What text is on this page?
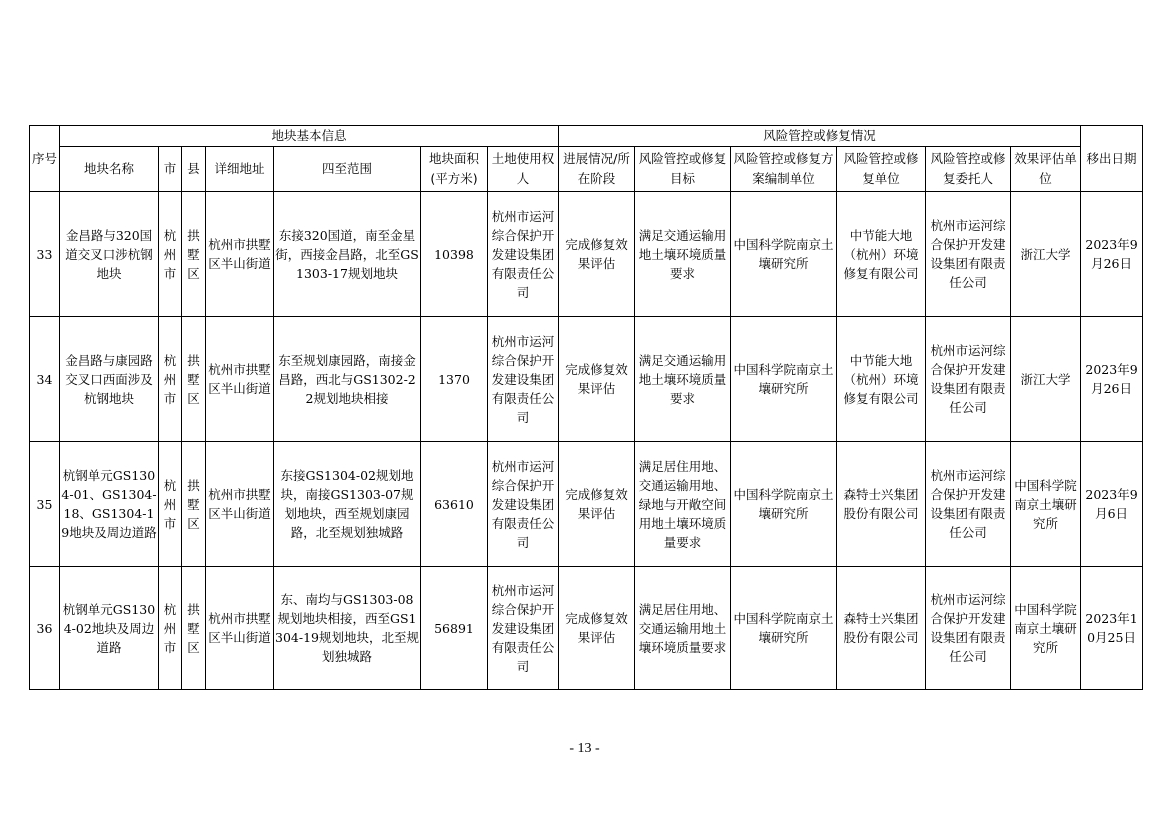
序号	地块基本信息							风险管控或修复情况						移出日期
	地块名称	市	县	详细地址	四至范围	地块面积(平方米)	土地使用权人	进展情况/所在阶段	风险管控或修复目标	风险管控或修复方案编制单位	风险管控或修复单位	风险管控或修复委托人	效果评估单位	
33	金昌路与320国道交叉口涉杭钢地块	杭州市	拱墅区	杭州市拱墅区半山街道	东接320国道，南至金星街，西接金昌路，北至GS1303-17规划地块	10398	杭州市运河综合保护开发建设集团有限责任公司	完成修复效果评估	满足交通运输用地土壤环境质量要求	中国科学院南京土壤研究所	中节能大地（杭州）环境修复有限公司	杭州市运河综合保护开发建设集团有限责任公司	浙江大学	2023年9月26日
34	金昌路与康园路交叉口西面涉及杭钢地块	杭州市	拱墅区	杭州市拱墅区半山街道	东至规划康园路，南接金昌路，西北与GS1302-22规划地块相接	1370	杭州市运河综合保护开发建设集团有限责任公司	完成修复效果评估	满足交通运输用地土壤环境质量要求	中国科学院南京土壤研究所	中节能大地（杭州）环境修复有限公司	杭州市运河综合保护开发建设集团有限责任公司	浙江大学	2023年9月26日
35	杭钢单元GS1304-01、GS1304-18、GS1304-19地块及周边道路	杭州市	拱墅区	杭州市拱墅区半山街道	东接GS1304-02规划地块，南接GS1303-07规划地块，西至规划康园路，北至规划独城路	63610	杭州市运河综合保护开发建设集团有限责任公司	完成修复效果评估	满足居住用地、交通运输用地、绿地与开敞空间用地土壤环境质量要求	中国科学院南京土壤研究所	森特士兴集团股份有限公司	杭州市运河综合保护开发建设集团有限责任公司	中国科学院南京土壤研究所	2023年9月6日
36	杭钢单元GS1304-02地块及周边道路	杭州市	拱墅区	杭州市拱墅区半山街道	东、南均与GS1303-08规划地块相接，西至GS1304-19规划地块，北至规划独城路	56891	杭州市运河综合保护开发建设集团有限责任公司	完成修复效果评估	满足居住用地、交通运输用地土壤环境质量要求	中国科学院南京土壤研究所	森特士兴集团股份有限公司	杭州市运河综合保护开发建设集团有限责任公司	中国科学院南京土壤研究所	2023年10月25日
- 13 -
